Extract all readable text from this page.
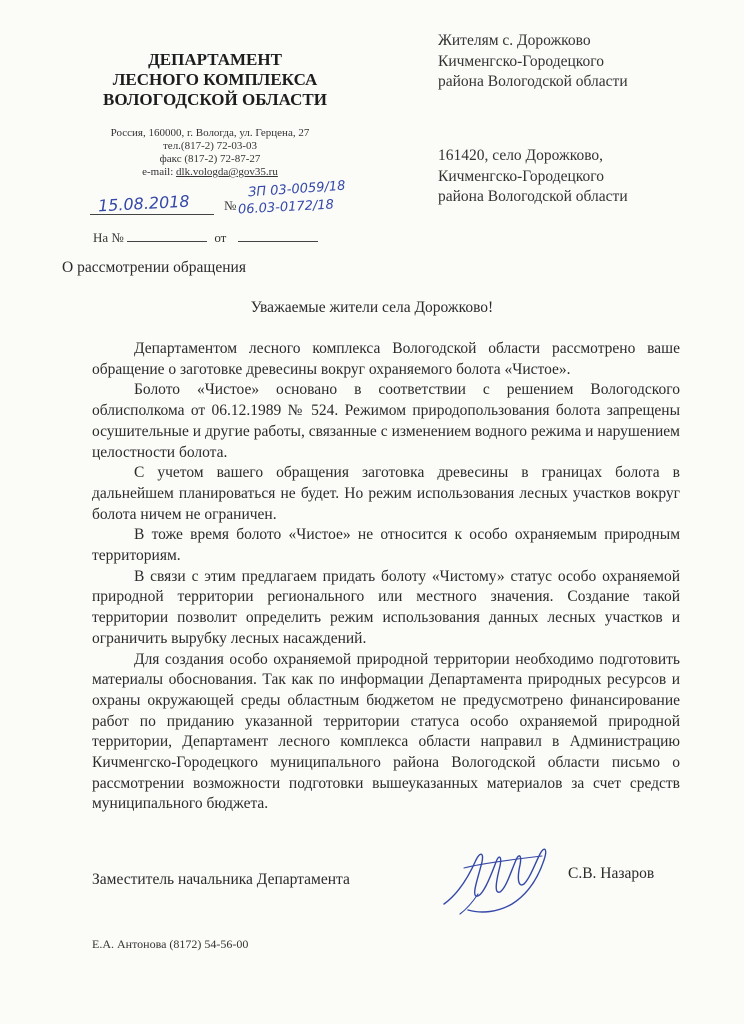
ДЕПАРТАМЕНТ
ЛЕСНОГО КОМПЛЕКСА
ВОЛОГОДСКОЙ ОБЛАСТИ
Россия, 160000, г. Вологда, ул. Герцена, 27
тел.(817-2) 72-03-03
факс (817-2) 72-87-27
e-mail: dlk.vologda@gov35.ru
Жителям с. Дорожково
Кичменгско-Городецкого
района Вологодской области
161420, село Дорожково,
Кичменгско-Городецкого
района Вологодской области
15.08.2018	№
ЗП 03-0059/18
06.03-0172/18
На №	от
О рассмотрении обращения
Уважаемые жители села Дорожково!

Департаментом лесного комплекса Вологодской области рассмотрено ваше обращение о заготовке древесины вокруг охраняемого болота «Чистое».

Болото «Чистое» основано в соответствии с решением Вологодского облисполкома от 06.12.1989 № 524. Режимом природопользования болота запрещены осушительные и другие работы, связанные с изменением водного режима и нарушением целостности болота.

С учетом вашего обращения заготовка древесины в границах болота в дальнейшем планироваться не будет. Но режим использования лесных участков вокруг болота ничем не ограничен.

В тоже время болото «Чистое» не относится к особо охраняемым природным территориям.

В связи с этим предлагаем придать болоту «Чистому» статус особо охраняемой природной территории регионального или местного значения. Создание такой территории позволит определить режим использования данных лесных участков и ограничить вырубку лесных насаждений.

Для создания особо охраняемой природной территории необходимо подготовить материалы обоснования. Так как по информации Департамента природных ресурсов и охраны окружающей среды областным бюджетом не предусмотрено финансирование работ по приданию указанной территории статуса особо охраняемой природной территории, Департамент лесного комплекса области направил в Администрацию Кичменгско-Городецкого муниципального района Вологодской области письмо о рассмотрении возможности подготовки вышеуказанных материалов за счет средств муниципального бюджета.

Заместитель начальника Департамента	С.В. Назаров
Е.А. Антонова (8172) 54-56-00
